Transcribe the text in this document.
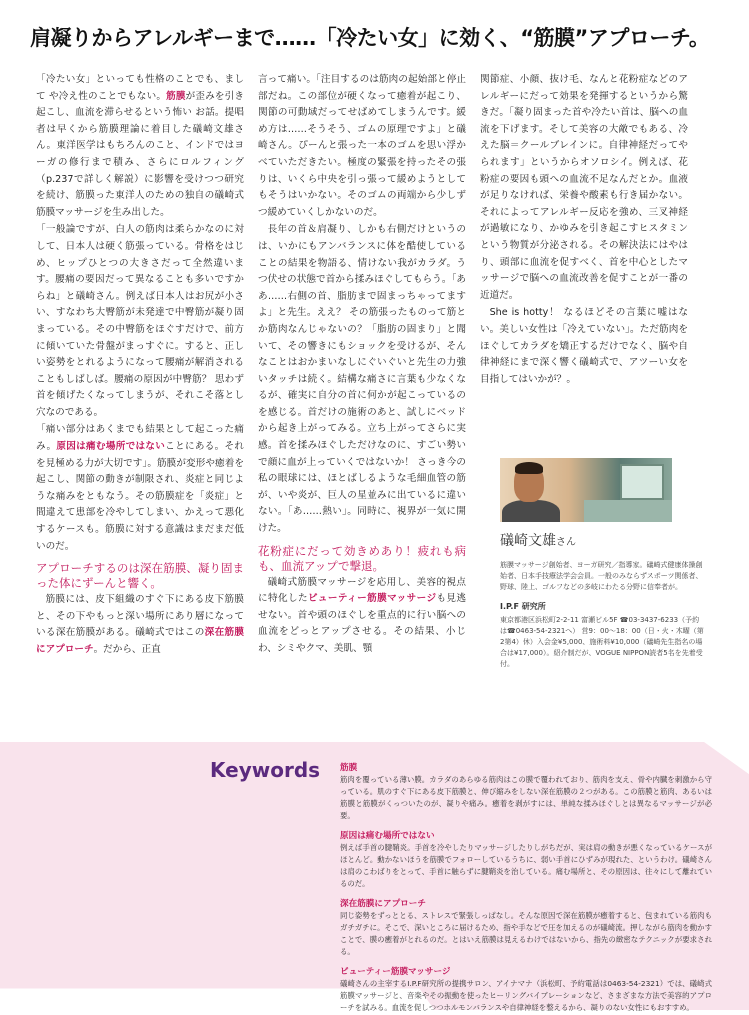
肩凝りからアレルギーまで……「冷たい女」に効く、“筋膜”アプローチ。

「冷たい女」といっても性格のことでも、まして や冷え性のことでもない。筋膜が歪みを引き起こし、血流を滞らせるという怖い お話。提唱者は早くから筋膜理論に着目した礒崎文雄さん。東洋医学はもちろんのこと、インドではヨーガの修行まで積み、さらにロルフィング（p.237で詳しく解説）に影響を受けつつ研究を続け、筋膜った東洋人のための独自の礒崎式筋膜マッサージを生み出した。

「一般論ですが、白人の筋肉は柔らかなのに対して、日本人は硬く筋張っている。骨格をはじめ、ヒップひとつの大きさだって全然違います。腰痛の要因だって異なることも多いですからね」と礒崎さん。例えば日本人はお尻が小さい、すなわち大臀筋が未発達で中臀筋が凝り固まっている。その中臀筋をほぐすだけで、前方に傾いていた骨盤がまっすぐに。すると、正しい姿勢をとれるようになって腰痛が解消されることもしばしば。腰痛の原因が中臀筋？ 思わず首を傾げたくなってしまうが、それこそ落とし穴なのである。

「痛い部分はあくまでも結果として起こった痛み。原因は痛む場所ではないことにある。それを見極める力が大切です」。筋膜が変形や癒着を起こし、関節の動きが制限され、炎症と同じような痛みをともなう。その筋膜症を「炎症」と間違えて患部を冷やしてしまい、かえって悪化するケースも。筋膜に対する意識はまだまだ低いのだ。

アプローチするのは深在筋膜、凝り固まった体にずーんと響く。

筋膜には、皮下組織のすぐ下にある皮下筋膜と、その下やもっと深い場所にあり層になっている深在筋膜がある。礒崎式ではこの深在筋膜にアプローチ。だから、正直

言って痛い。「注目するのは筋肉の起始部と停止部だね。この部位が硬くなって癒着が起こり、関節の可動域だってせばめてしまうんです。緩め方は……そうそう、ゴムの原理ですよ」と礒崎さん。ぴーんと張った一本のゴムを思い浮かべていただきたい。極度の緊張を持ったその張りは、いくら中央を引っ張って緩めようとしてもそうはいかない。そのゴムの両端から少しずつ緩めていくしかないのだ。

長年の首＆肩凝り、しかも右側だけというのは、いかにもアンバランスに体を酷使していることの結果を物語る、情けない我がカラダ。うつ伏せの状態で首から揉みほぐしてもらう。「ああ……右側の首、脂肪まで固まっちゃってますよ」と先生。ええ？ その筋張ったものって筋とか筋肉なんじゃないの？「脂肪の固まり」と聞いて、その響きにもショックを受けるが、そんなことはおかまいなしにぐいぐいと先生の力強いタッチは続く。結構な痛さに言葉も少なくなるが、確実に自分の首に何かが起こっているのを感じる。首だけの施術のあと、試しにベッドから起き上がってみる。立ち上がってさらに実感。首を揉みほぐしただけなのに、すごい勢いで顔に血が上っていくではないか！ さっき今の私の眼球には、ほとばしるような毛細血管の筋が、いや炎が、巨人の星並みに出ているに違いない。「あ……熱い」。同時に、視界が一気に開けた。

花粉症にだって効きめあり！疲れも病も、血流アップで撃退。

礒崎式筋膜マッサージを応用し、美容的視点に特化したビューティー筋膜マッサージも見逃せない。首や頭のほぐしを重点的に行い脳への血流をどっとアップさせる。その結果、小じわ、シミやクマ、美肌、顎

関節症、小顔、抜け毛、なんと花粉症などのアレルギーにだって効果を発揮するというから驚きだ。「凝り固まった首や冷たい首は、脳への血流を下げます。そして美容の大敵でもある、冷えた脳＝クールブレインに。自律神経だってやられます」というからオソロシイ。例えば、花粉症の要因も頭への血流不足なんだとか。血液が足りなければ、栄養や酸素も行き届かない。それによってアレルギー反応を強め、三叉神経が過敏になり、かゆみを引き起こすヒスタミンという物質が分泌される。その解決法にはやはり、頭部に血流を促すべく、首を中心としたマッサージで脳への血流改善を促すことが一番の近道だ。

She is hotty！ なるほどその言葉に嘘はない。美しい女性は「冷えていない」。ただ筋肉をほぐしてカラダを矯正するだけでなく、脳や自律神経にまで深く響く礒崎式で、アツーい女を目指してはいかが？。

礒崎文雄さん
筋膜マッサージ創始者、ヨーガ研究／指導家。礒崎式健康体操創始者、日本手技療法学会会員。一般のみならずスポーツ関係者、野球、陸上、ゴルフなどの多岐にわたる分野に信奉者が。
I.P.F 研究所
東京都港区浜松町2-2-11 富瀬ビル5F ☎03-3437-6233（予約は☎0463-54-2321へ） 営9：00〜18：00（日・火・木曜（第2第4）休）入会金¥5,000、施術料¥10,000（礒崎先生指名の場合は¥17,000）。紹介制だが、VOGUE NIPPON読者5名を先着受付。
Keywords 筋膜
筋肉を覆っている薄い膜。カラダのあらゆる筋肉はこの膜で覆われており、筋肉を支え、骨や内臓を刺激から守っている。肌のすぐ下にある皮下筋膜と、伸び縮みをしない深在筋膜の２つがある。この筋膜と筋肉、あるいは筋膜と筋膜がくっついたのが、凝りや痛み。癒着を剥がすには、単純な揉みほぐしとは異なるマッサージが必要。
原因は痛む場所ではない
例えば手首の腱鞘炎。手首を冷やしたりマッサージしたりしがちだが、実は肩の動きが悪くなっているケースがほとんど。動かないほうを筋膜でフォローしているうちに、弱い手首にひずみが現れた、というわけ。礒崎さんは肩のこわばりをとって、手首に触らずに腱鞘炎を治している。痛む場所と、その原因は、往々にして離れているのだ。
深在筋膜にアプローチ
同じ姿勢をずっととる、ストレスで緊張しっぱなし。そんな原因で深在筋膜が癒着すると、包まれている筋肉もガチガチに。そこで、深いところに届けるため、指や手などで圧を加えるのが礒崎流。押しながら筋肉を動かすことで、膜の癒着がとれるのだ。とはいえ筋膜は見えるわけではないから、指先の緻密なテクニックが要求される。
ビューティー筋膜マッサージ
礒崎さんの主宰するI.P.F研究所の提携サロン、アイナマナ（浜松町、予約電話は0463-54-2321）では、礒崎式筋膜マッサージと、音楽やその振動を使ったヒーリングバイブレーションなど、さまざまな方法で美容的アプローチを試みる。血流を促しつつホルモンバランスや自律神経を整えるから、凝りのない女性にもおすすめ。
